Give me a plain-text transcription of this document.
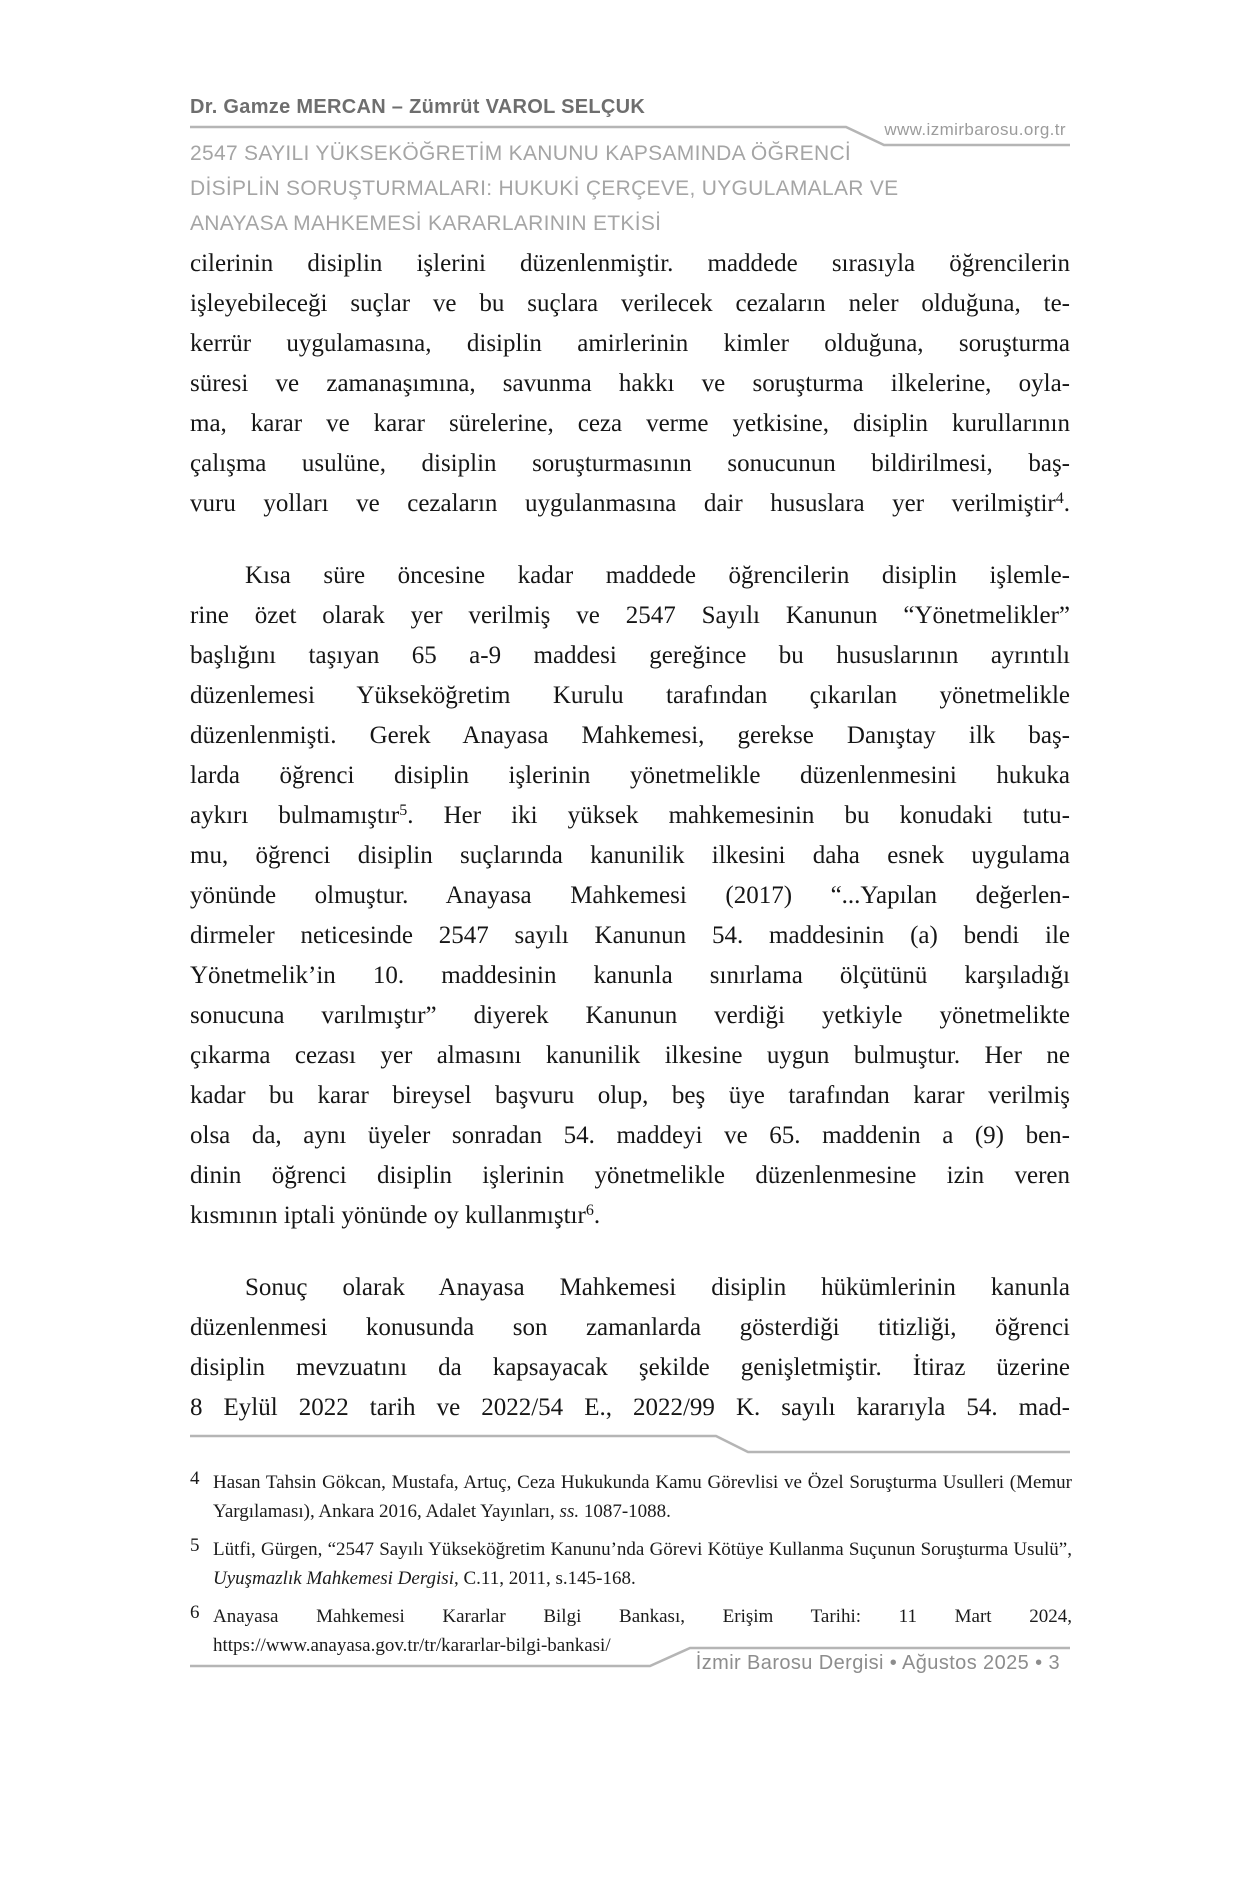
Dr. Gamze MERCAN – Zümrüt VAROL SELÇUK
www.izmirbarosu.org.tr
2547 SAYILI YÜKSEKÖĞRETİM KANUNU KAPSAMINDA ÖĞRENCİ
DİSİPLİN SORUŞTURMALARI: HUKUKİ ÇERÇEVE, UYGULAMALAR VE
ANAYASA MAHKEMESİ KARARLARININ ETKİSİ
cilerinin disiplin işlerini düzenlenmiştir. maddede sırasıyla öğrencilerin
işleyebileceği suçlar ve bu suçlara verilecek cezaların neler olduğuna, te-
kerrür uygulamasına, disiplin amirlerinin kimler olduğuna, soruşturma
süresi ve zamanaşımına, savunma hakkı ve soruşturma ilkelerine, oyla-
ma, karar ve karar sürelerine, ceza verme yetkisine, disiplin kurullarının
çalışma usulüne, disiplin soruşturmasının sonucunun bildirilmesi, baş-
vuru yolları ve cezaların uygulanmasına dair hususlara yer verilmiştir$^4$.
Kısa süre öncesine kadar maddede öğrencilerin disiplin işlemle-
rine özet olarak yer verilmiş ve 2547 Sayılı Kanunun “Yönetmelikler”
başlığını taşıyan 65 a-9 maddesi gereğince bu hususlarının ayrıntılı
düzenlemesi Yükseköğretim Kurulu tarafından çıkarılan yönetmelikle
düzenlenmişti. Gerek Anayasa Mahkemesi, gerekse Danıştay ilk baş-
larda öğrenci disiplin işlerinin yönetmelikle düzenlenmesini hukuka
aykırı bulmamıştır$^5$. Her iki yüksek mahkemesinin bu konudaki tutu-
mu, öğrenci disiplin suçlarında kanunilik ilkesini daha esnek uygulama
yönünde olmuştur. Anayasa Mahkemesi (2017) “...Yapılan değerlen-
dirmeler neticesinde 2547 sayılı Kanunun 54. maddesinin (a) bendi ile
Yönetmelik’in 10. maddesinin kanunla sınırlama ölçütünü karşıladığı
sonucuna varılmıştır” diyerek Kanunun verdiği yetkiyle yönetmelikte
çıkarma cezası yer almasını kanunilik ilkesine uygun bulmuştur. Her ne
kadar bu karar bireysel başvuru olup, beş üye tarafından karar verilmiş
olsa da, aynı üyeler sonradan 54. maddeyi ve 65. maddenin a (9) ben-
dinin öğrenci disiplin işlerinin yönetmelikle düzenlenmesine izin veren
kısmının iptali yönünde oy kullanmıştır$^6$.
Sonuç olarak Anayasa Mahkemesi disiplin hükümlerinin kanunla
düzenlenmesi konusunda son zamanlarda gösterdiği titizliği, öğrenci
disiplin mevzuatını da kapsayacak şekilde genişletmiştir. İtiraz üzerine
8 Eylül 2022 tarih ve 2022/54 E., 2022/99 K. sayılı kararıyla 54. mad-
4 Hasan Tahsin Gökcan, Mustafa, Artuç, Ceza Hukukunda Kamu Görevlisi ve Özel Soruşturma Usulleri (Memur Yargılaması), Ankara 2016, Adalet Yayınları, ss. 1087-1088.
5 Lütfi, Gürgen, “2547 Sayılı Yükseköğretim Kanunu’nda Görevi Kötüye Kullanma Suçunun Soruşturma Usulü”, Uyuşmazlık Mahkemesi Dergisi, C.11, 2011, s.145-168.
6 Anayasa Mahkemesi Kararlar Bilgi Bankası, Erişim Tarihi: 11 Mart 2024, https://www.anayasa.gov.tr/tr/kararlar-bilgi-bankasi/
İzmir Barosu Dergisi • Ağustos 2025 • 3
